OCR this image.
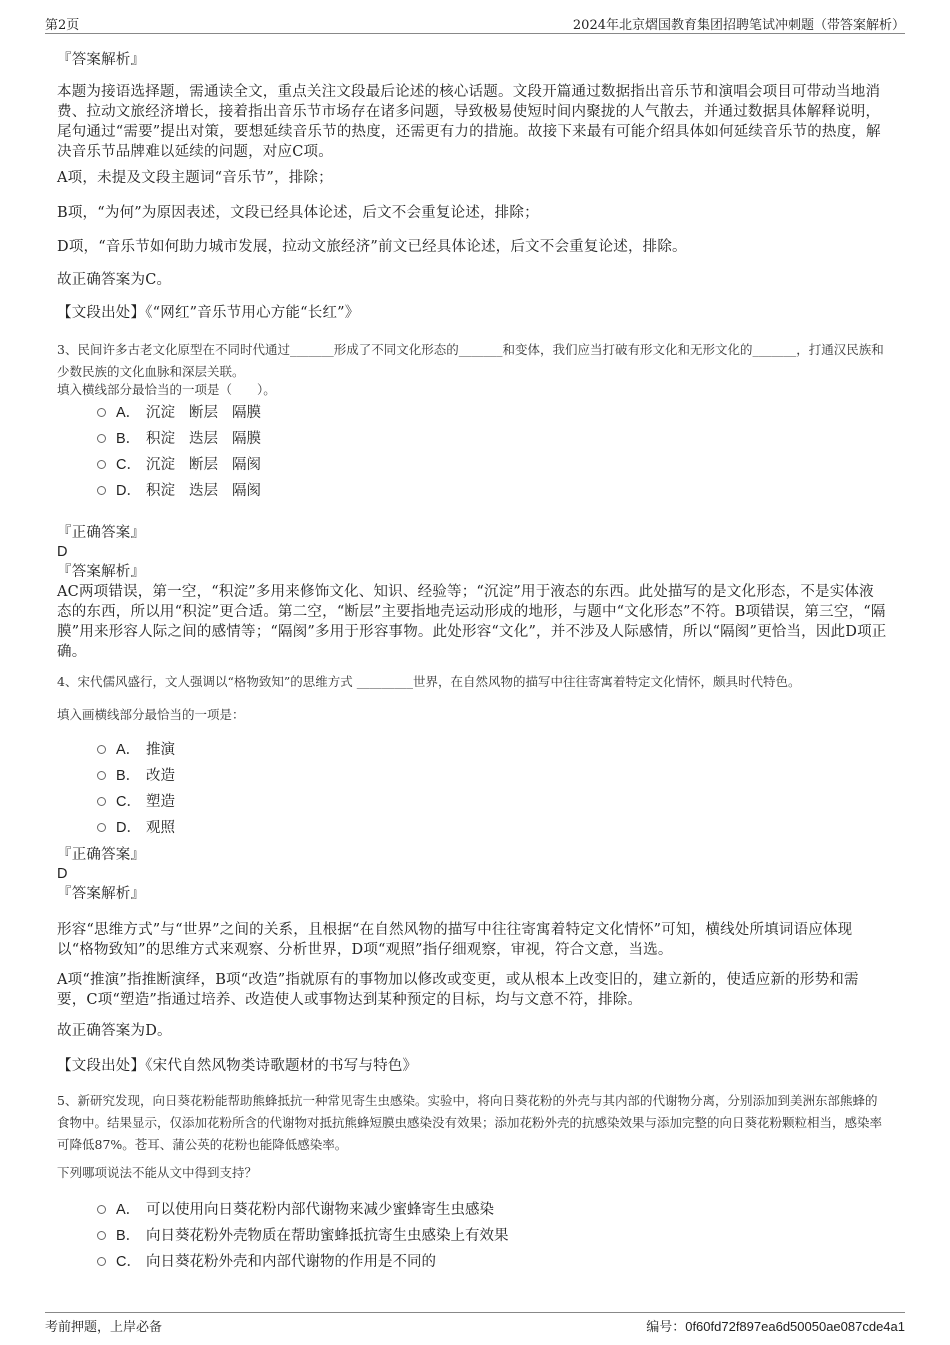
第2页	2024年北京熠国教育集团招聘笔试冲刺题（带答案解析）
『答案解析』
本题为接语选择题，需通读全文，重点关注文段最后论述的核心话题。文段开篇通过数据指出音乐节和演唱会项目可带动当地消费、拉动文旅经济增长，接着指出音乐节市场存在诸多问题，导致极易使短时间内聚拢的人气散去，并通过数据具体解释说明，尾句通过“需要”提出对策，要想延续音乐节的热度，还需更有力的措施。故接下来最有可能介绍具体如何延续音乐节的热度，解决音乐节品牌难以延续的问题，对应C项。
A项，未提及文段主题词“音乐节”，排除；
B项，“为何”为原因表述，文段已经具体论述，后文不会重复论述，排除；
D项，“音乐节如何助力城市发展，拉动文旅经济”前文已经具体论述，后文不会重复论述，排除。
故正确答案为C。
【文段出处】《“网红”音乐节用心方能“长红”》
3、民间许多古老文化原型在不同时代通过_______形成了不同文化形态的_______和变体，我们应当打破有形文化和无形文化的_______，打通汉民族和少数民族的文化血脉和深层关联。
填入横线部分最恰当的一项是（　　）。
A． 沉淀 断层 隔膜
B． 积淀 迭层 隔膜
C． 沉淀 断层 隔阂
D． 积淀 迭层 隔阂
『正确答案』
D
『答案解析』
AC两项错误，第一空，“积淀”多用来修饰文化、知识、经验等；“沉淀”用于液态的东西。此处描写的是文化形态，不是实体液态的东西，所以用“积淀”更合适。第二空，“断层”主要指地壳运动形成的地形，与题中“文化形态”不符。B项错误，第三空，“隔膜”用来形容人际之间的感情等；“隔阂”多用于形容事物。此处形容“文化”，并不涉及人际感情，所以“隔阂”更恰当，因此D项正确。
4、宋代儒风盛行，文人强调以“格物致知”的思维方式 _________世界，在自然风物的描写中往往寄寓着特定文化情怀，颇具时代特色。
填入画横线部分最恰当的一项是：
A． 推演
B． 改造
C． 塑造
D． 观照
『正确答案』
D
『答案解析』
形容“思维方式”与“世界”之间的关系，且根据“在自然风物的描写中往往寄寓着特定文化情怀”可知，横线处所填词语应体现以“格物致知”的思维方式来观察、分析世界，D项“观照”指仔细观察，审视，符合文意，当选。
A项“推演”指推断演绎，B项“改造”指就原有的事物加以修改或变更，或从根本上改变旧的，建立新的，使适应新的形势和需要，C项“塑造”指通过培养、改造使人或事物达到某种预定的目标，均与文意不符，排除。
故正确答案为D。
【文段出处】《宋代自然风物类诗歌题材的书写与特色》
5、新研究发现，向日葵花粉能帮助熊蜂抵抗一种常见寄生虫感染。实验中，将向日葵花粉的外壳与其内部的代谢物分离，分别添加到美洲东部熊蜂的食物中。结果显示，仅添加花粉所含的代谢物对抵抗熊蜂短膜虫感染没有效果；添加花粉外壳的抗感染效果与添加完整的向日葵花粉颗粒相当，感染率可降低87%。苍耳、蒲公英的花粉也能降低感染率。
下列哪项说法不能从文中得到支持？
A． 可以使用向日葵花粉内部代谢物来减少蜜蜂寄生虫感染
B． 向日葵花粉外壳物质在帮助蜜蜂抵抗寄生虫感染上有效果
C． 向日葵花粉外壳和内部代谢物的作用是不同的
考前押题，上岸必备	编号：0f60fd72f897ea6d50050ae087cde4a1
